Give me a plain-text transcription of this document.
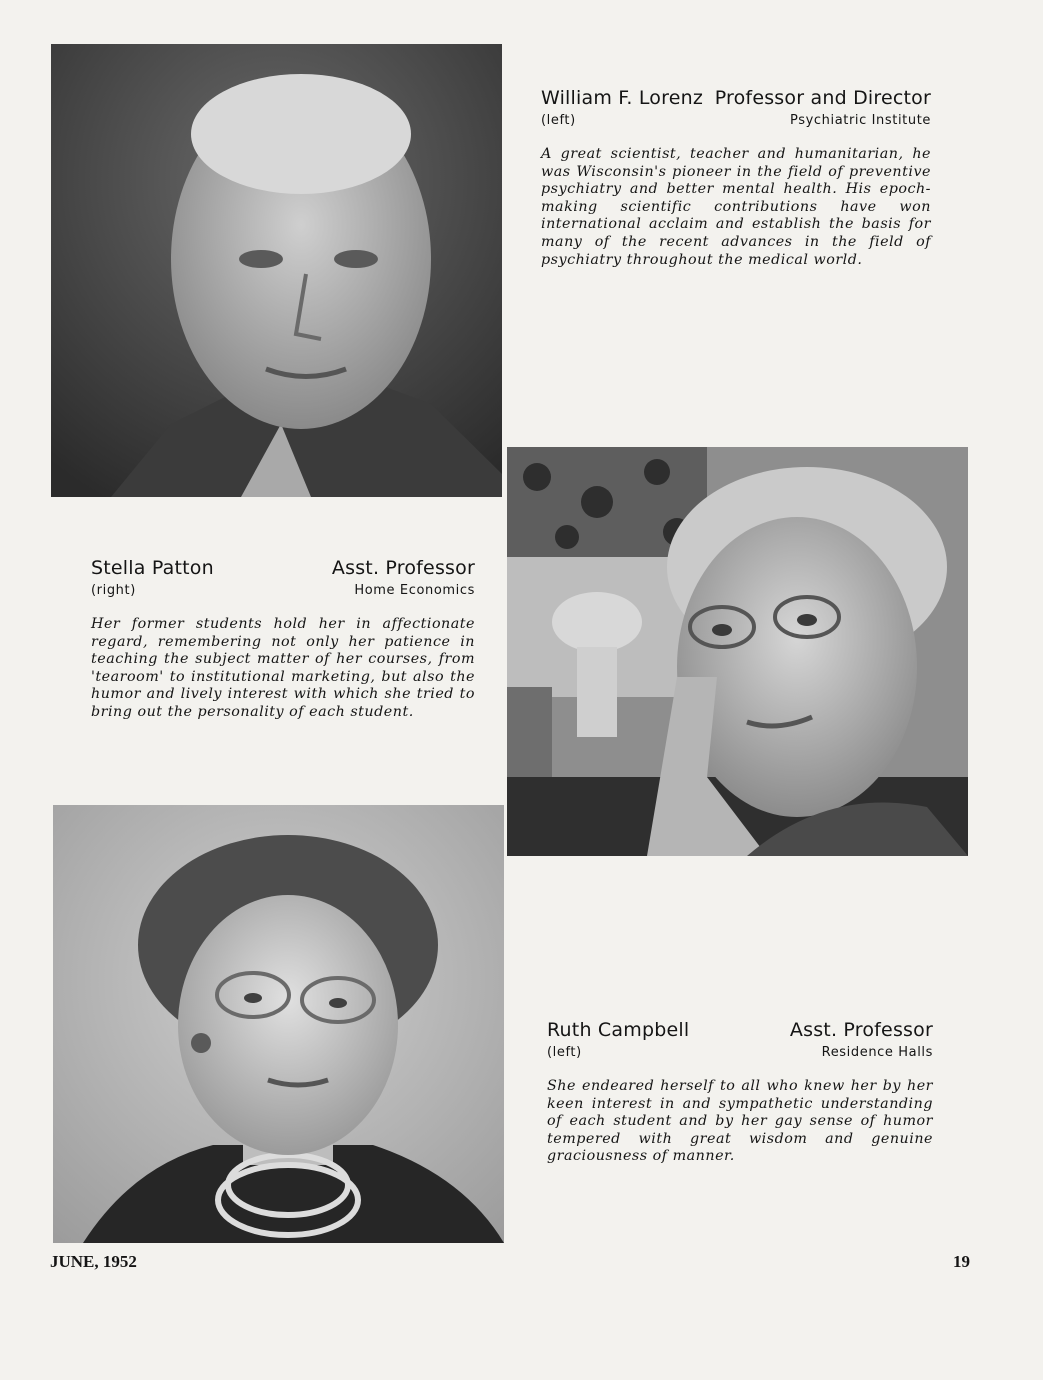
William F. Lorenz Professor and Director
(left)	Psychiatric Institute
A great scientist, teacher and humanitarian, he was Wisconsin's pioneer in the field of preventive psychiatry and better mental health. His epoch-making scientific contributions have won international acclaim and establish the basis for many of the recent advances in the field of psychiatry throughout the medical world.
Stella Patton	Asst. Professor
(right)	Home Economics
Her former students hold her in affectionate regard, remembering not only her patience in teaching the subject matter of her courses, from 'tearoom' to institutional marketing, but also the humor and lively interest with which she tried to bring out the personality of each student.
Ruth Campbell	Asst. Professor
(left)	Residence Halls
She endeared herself to all who knew her by her keen interest in and sympathetic understanding of each student and by her gay sense of humor tempered with great wisdom and genuine graciousness of manner.
JUNE, 1952	19
